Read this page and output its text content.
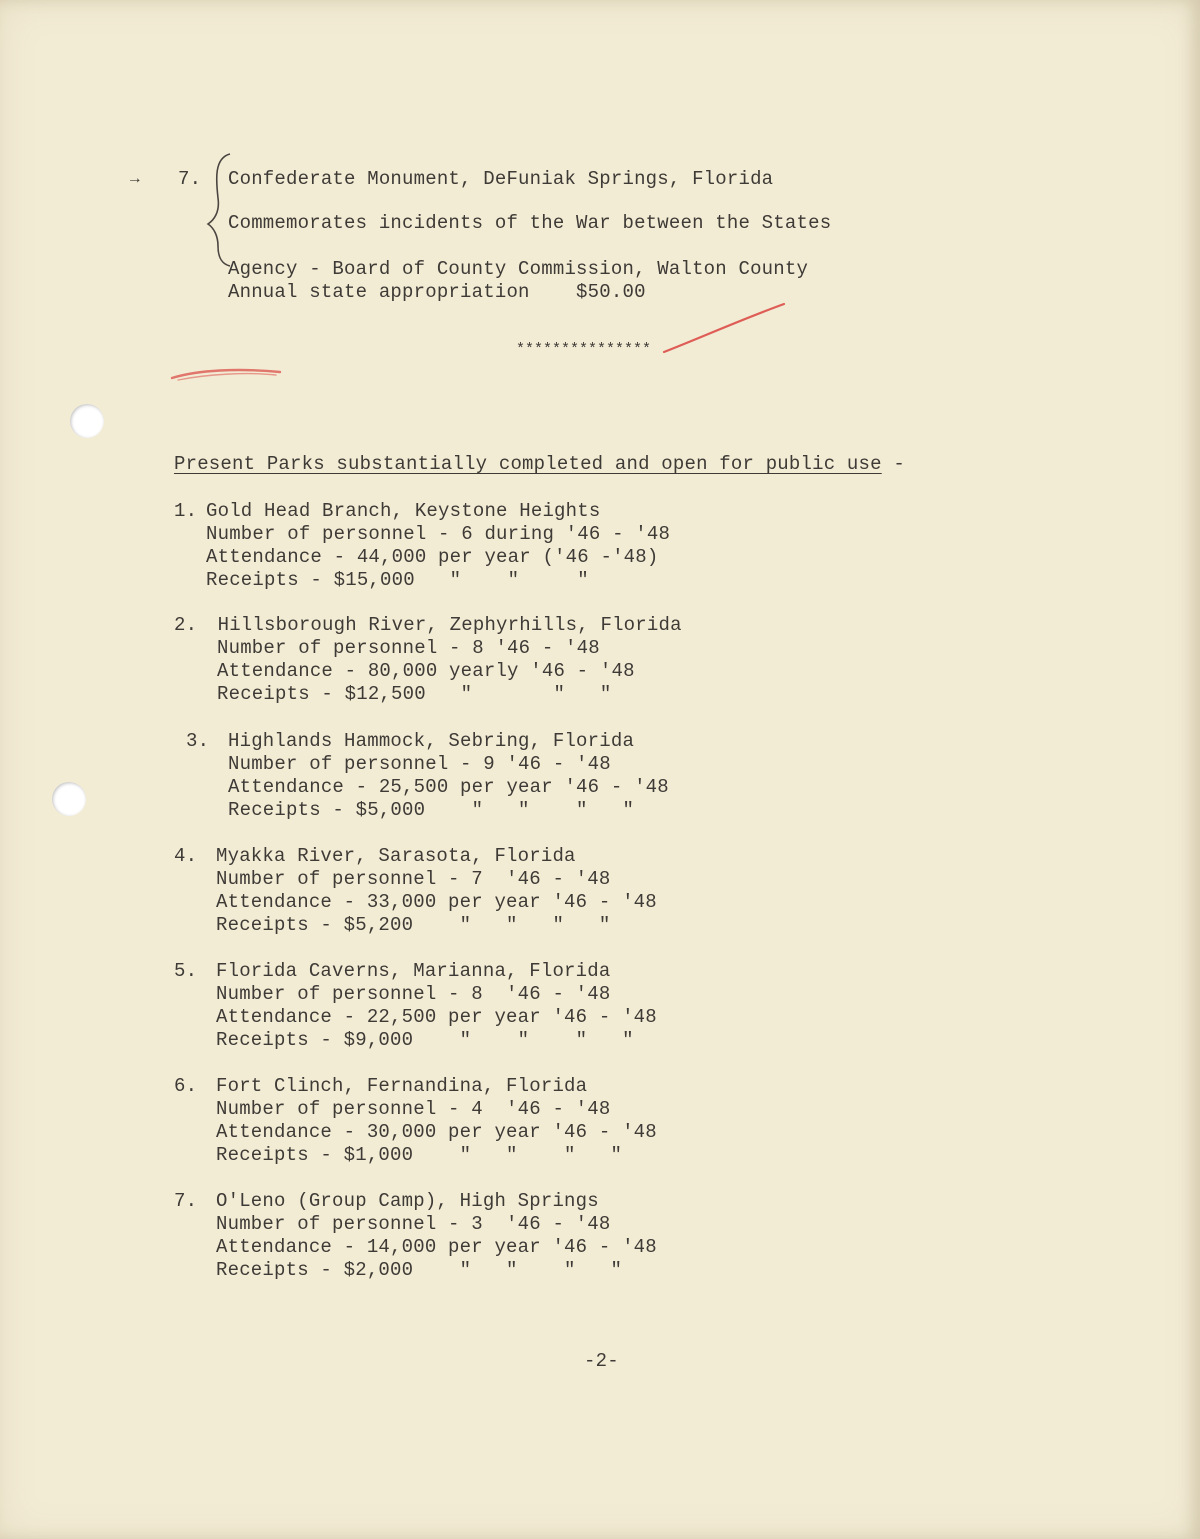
→ 7. Confederate Monument, DeFuniak Springs, Florida
Commemorates incidents of the War between the States
Agency - Board of County Commission, Walton County
Annual state appropriation    $50.00
***************
Present Parks substantially completed and open for public use -
1. Gold Head Branch, Keystone Heights
Number of personnel - 6 during '46 - '48
Attendance - 44,000 per year ('46 -'48)
Receipts - $15,000   "    "     "
2. Hillsborough River, Zephyrhills, Florida
Number of personnel - 8 '46 - '48
Attendance - 80,000 yearly '46 - '48
Receipts - $12,500   "       "   "
3. Highlands Hammock, Sebring, Florida
Number of personnel - 9 '46 - '48
Attendance - 25,500 per year '46 - '48
Receipts - $5,000    "   "    "   "
4. Myakka River, Sarasota, Florida
Number of personnel - 7  '46 - '48
Attendance - 33,000 per year '46 - '48
Receipts - $5,200    "   "   "   "
5. Florida Caverns, Marianna, Florida
Number of personnel - 8  '46 - '48
Attendance - 22,500 per year '46 - '48
Receipts - $9,000    "    "    "   "
6. Fort Clinch, Fernandina, Florida
Number of personnel - 4  '46 - '48
Attendance - 30,000 per year '46 - '48
Receipts - $1,000    "   "    "   "
7. O'Leno (Group Camp), High Springs
Number of personnel - 3  '46 - '48
Attendance - 14,000 per year '46 - '48
Receipts - $2,000    "   "    "   "
-2-
